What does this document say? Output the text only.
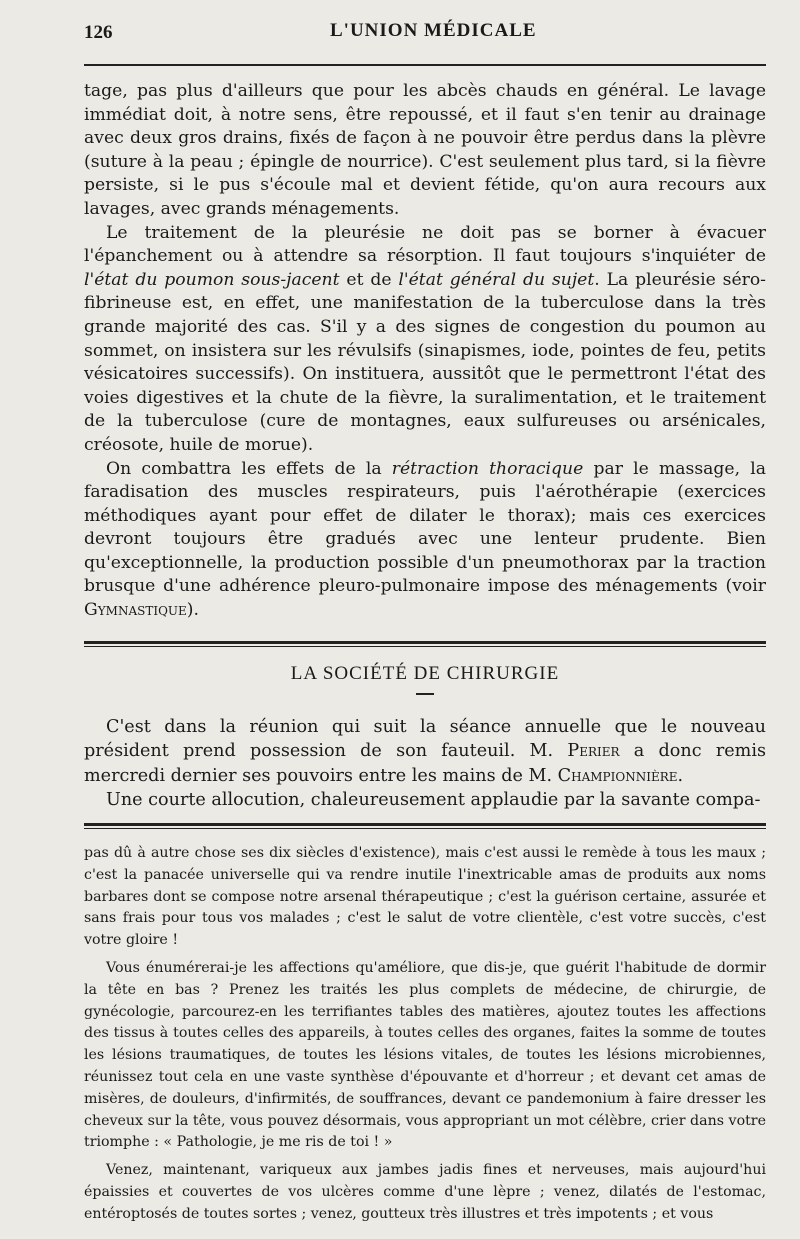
126	L'UNION MÉDICALE

tage, pas plus d'ailleurs que pour les abcès chauds en général. Le lavage immédiat doit, à notre sens, être repoussé, et il faut s'en tenir au drainage avec deux gros drains, fixés de façon à ne pouvoir être perdus dans la plèvre (suture à la peau ; épingle de nourrice). C'est seulement plus tard, si la fièvre persiste, si le pus s'écoule mal et devient fétide, qu'on aura recours aux lavages, avec grands ménagements.

Le traitement de la pleurésie ne doit pas se borner à évacuer l'épanchement ou à attendre sa résorption. Il faut toujours s'inquiéter de l'état du poumon sous-jacent et de l'état général du sujet. La pleurésie séro-fibrineuse est, en effet, une manifestation de la tuberculose dans la très grande majorité des cas. S'il y a des signes de congestion du poumon au sommet, on insistera sur les révulsifs (sinapismes, iode, pointes de feu, petits vésicatoires successifs). On instituera, aussitôt que le permettront l'état des voies digestives et la chute de la fièvre, la suralimentation, et le traitement de la tuberculose (cure de montagnes, eaux sulfureuses ou arsénicales, créosote, huile de morue).

On combattra les effets de la rétraction thoracique par le massage, la faradisation des muscles respirateurs, puis l'aérothérapie (exercices méthodiques ayant pour effet de dilater le thorax); mais ces exercices devront toujours être gradués avec une lenteur prudente. Bien qu'exceptionnelle, la production possible d'un pneumothorax par la traction brusque d'une adhérence pleuro-pulmonaire impose des ménagements (voir Gymnastique).

LA SOCIÉTÉ DE CHIRURGIE

C'est dans la réunion qui suit la séance annuelle que le nouveau président prend possession de son fauteuil. M. Perier a donc remis mercredi dernier ses pouvoirs entre les mains de M. Championnière.

Une courte allocution, chaleureusement applaudie par la savante compa-

pas dû à autre chose ses dix siècles d'existence), mais c'est aussi le remède à tous les maux ; c'est la panacée universelle qui va rendre inutile l'inextricable amas de produits aux noms barbares dont se compose notre arsenal thérapeutique ; c'est la guérison certaine, assurée et sans frais pour tous vos malades ; c'est le salut de votre clientèle, c'est votre succès, c'est votre gloire !

Vous énumérerai-je les affections qu'améliore, que dis-je, que guérit l'habitude de dormir la tête en bas ? Prenez les traités les plus complets de médecine, de chirurgie, de gynécologie, parcourez-en les terrifiantes tables des matières, ajoutez toutes les affections des tissus à toutes celles des appareils, à toutes celles des organes, faites la somme de toutes les lésions traumatiques, de toutes les lésions vitales, de toutes les lésions microbiennes, réunissez tout cela en une vaste synthèse d'épouvante et d'horreur ; et devant cet amas de misères, de douleurs, d'infirmités, de souffrances, devant ce pandemonium à faire dresser les cheveux sur la tête, vous pouvez désormais, vous appropriant un mot célèbre, crier dans votre triomphe : « Pathologie, je me ris de toi ! »

Venez, maintenant, variqueux aux jambes jadis fines et nerveuses, mais aujourd'hui épaissies et couvertes de vos ulcères comme d'une lèpre ; venez, dilatés de l'estomac, entéroptosés de toutes sortes ; venez, goutteux très illustres et très impotents ; et vous
